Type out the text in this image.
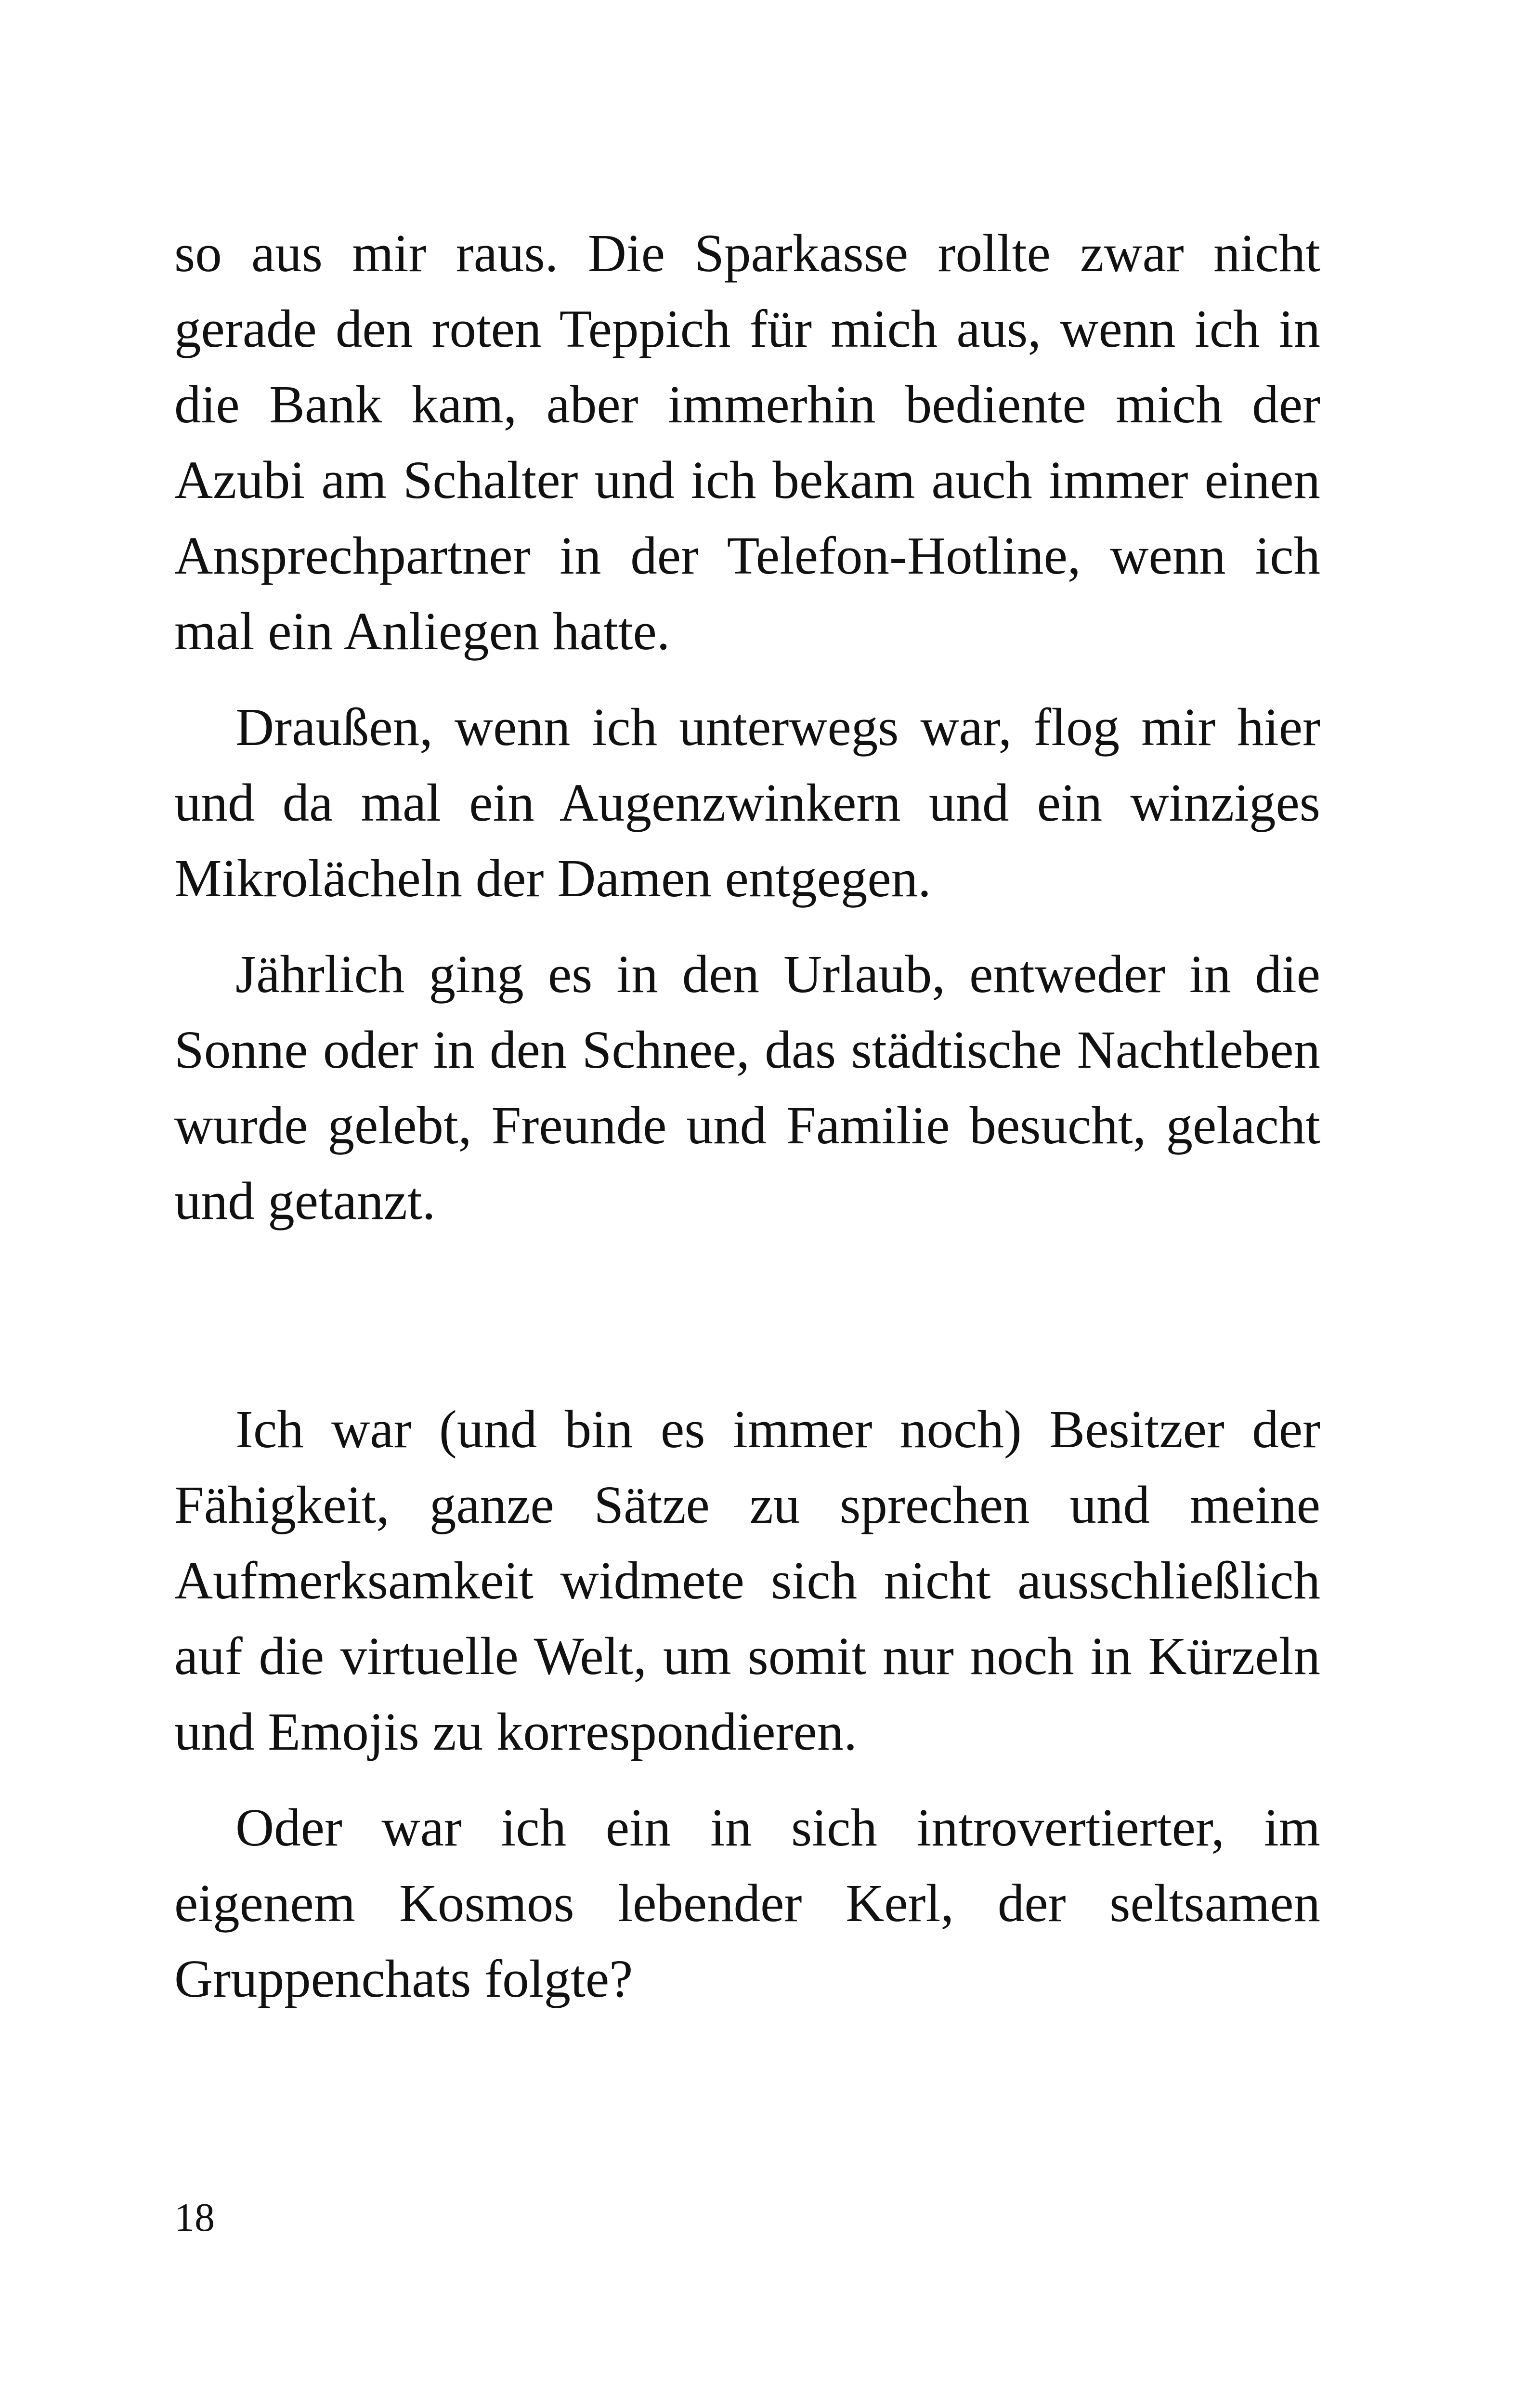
so aus mir raus. Die Sparkasse rollte zwar nicht gerade den roten Teppich für mich aus, wenn ich in die Bank kam, aber immerhin bediente mich der Azubi am Schalter und ich bekam auch immer einen Ansprechpartner in der Telefon-Hotline, wenn ich mal ein Anliegen hatte.

Draußen, wenn ich unterwegs war, flog mir hier und da mal ein Augenzwinkern und ein winziges Mikrolächeln der Damen entgegen.

Jährlich ging es in den Urlaub, entweder in die Sonne oder in den Schnee, das städtische Nachtleben wurde gelebt, Freunde und Familie besucht, gelacht und getanzt.

Ich war (und bin es immer noch) Besitzer der Fähigkeit, ganze Sätze zu sprechen und meine Aufmerksamkeit widmete sich nicht ausschließlich auf die virtuelle Welt, um somit nur noch in Kürzeln und Emojis zu korrespondieren.

Oder war ich ein in sich introvertierter, im eigenem Kosmos lebender Kerl, der seltsamen Gruppenchats folgte?

18
